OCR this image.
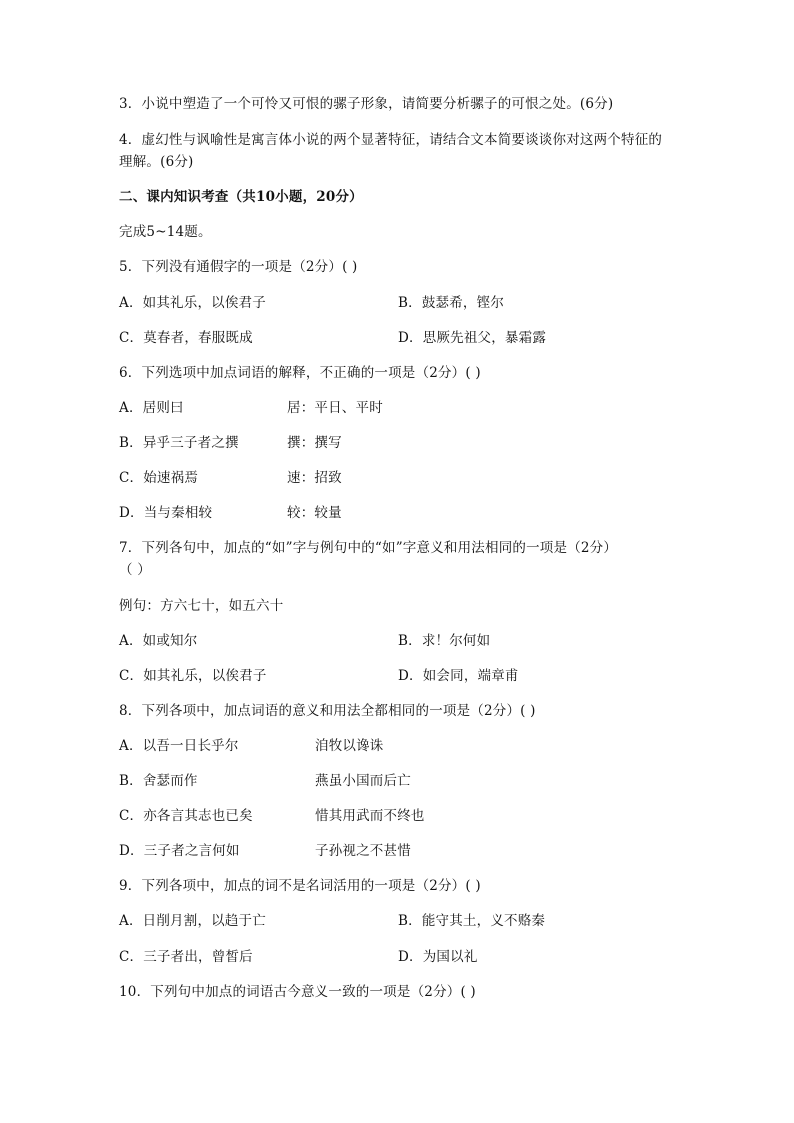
3．小说中塑造了一个可怜又可恨的骡子形象，请简要分析骡子的可恨之处。(6分)
4．虚幻性与讽喻性是寓言体小说的两个显著特征，请结合文本简要谈谈你对这两个特征的
理解。(6分)
二、课内知识考查（共10小题，20分）
完成5~14题。
5．下列没有通假字的一项是（2分）( )
A．如其礼乐，以俟君子	B．鼓瑟希，铿尔
C．莫春者，春服既成	D．思厥先祖父，暴霜露
6．下列选项中加点词语的解释，不正确的一项是（2分）( )
A．居则曰	居：平日、平时
B．异乎三子者之撰	撰：撰写
C．始速祸焉	速：招致
D．当与秦相较	较：较量
7．下列各句中，加点的“如”字与例句中的“如”字意义和用法相同的一项是（2分）
（ ）
例句：方六七十，如五六十
A．如或知尔	B．求！尔何如
C．如其礼乐，以俟君子	D．如会同，端章甫
8．下列各项中，加点词语的意义和用法全都相同的一项是（2分）( )
A．以吾一日长乎尔	洎牧以谗诛
B．舍瑟而作	燕虽小国而后亡
C．亦各言其志也已矣	惜其用武而不终也
D．三子者之言何如	子孙视之不甚惜
9．下列各项中，加点的词不是名词活用的一项是（2分）( )
A．日削月割，以趋于亡	B．能守其土，义不赂秦
C．三子者出，曾皙后	D．为国以礼
10．下列句中加点的词语古今意义一致的一项是（2分）( )
